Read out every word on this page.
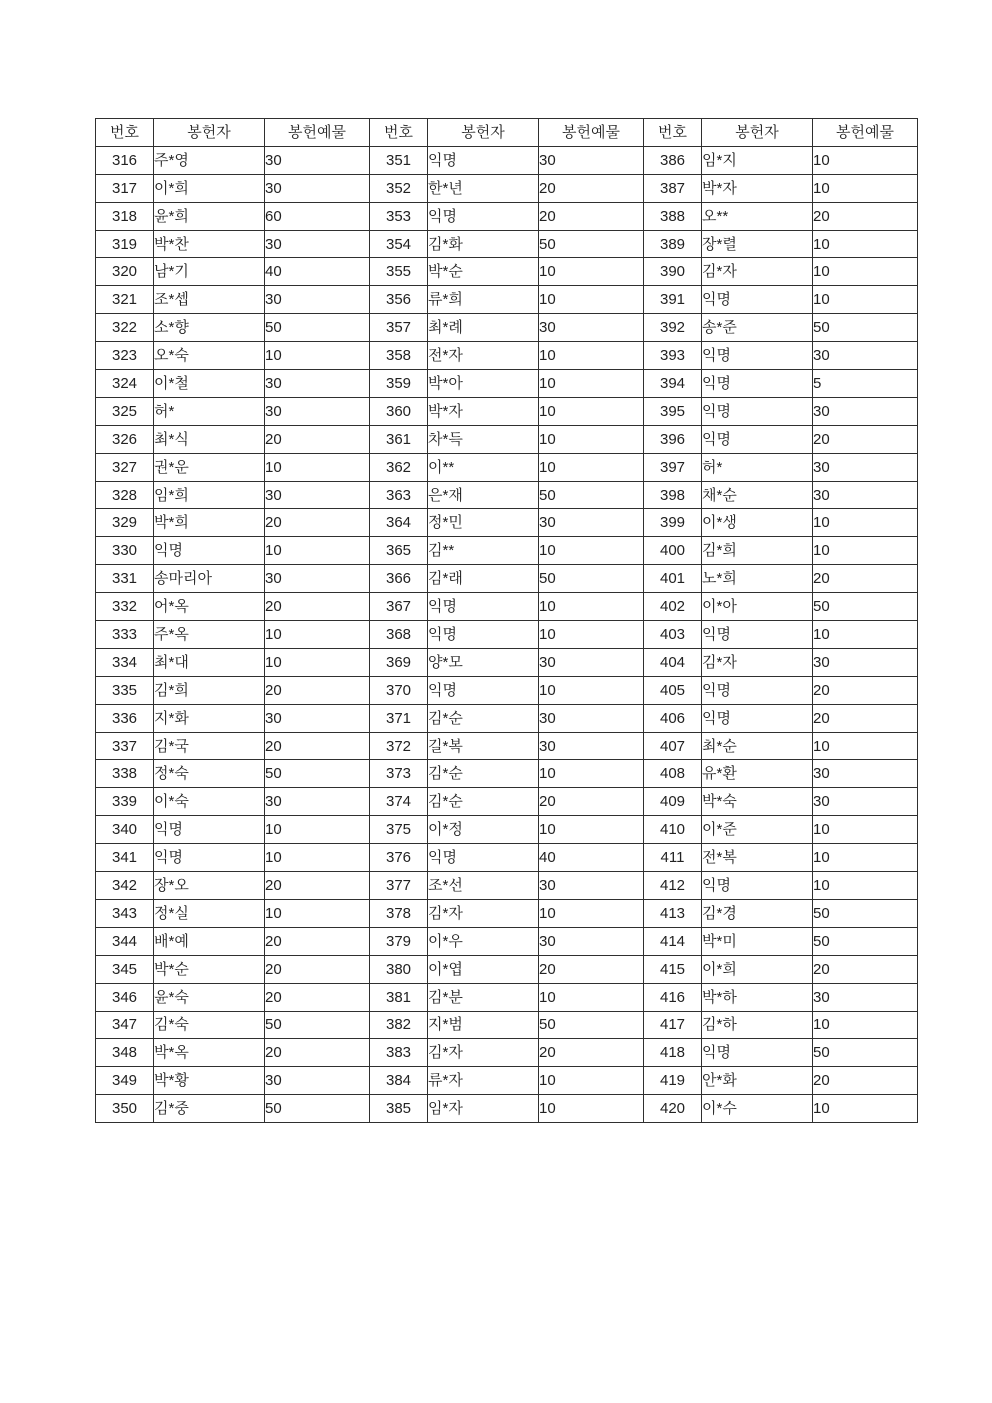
번호	봉헌자	봉헌예물	번호	봉헌자	봉헌예물	번호	봉헌자	봉헌예물
316	주*영	30	351	익명	30	386	임*지	10
317	이*희	30	352	한*년	20	387	박*자	10
318	윤*희	60	353	익명	20	388	오**	20
319	박*찬	30	354	김*화	50	389	장*렬	10
320	남*기	40	355	박*순	10	390	김*자	10
321	조*셉	30	356	류*희	10	391	익명	10
322	소*향	50	357	최*례	30	392	송*준	50
323	오*숙	10	358	전*자	10	393	익명	30
324	이*철	30	359	박*아	10	394	익명	5
325	허*	30	360	박*자	10	395	익명	30
326	최*식	20	361	차*득	10	396	익명	20
327	권*운	10	362	이**	10	397	허*	30
328	임*희	30	363	은*재	50	398	채*순	30
329	박*희	20	364	정*민	30	399	이*생	10
330	익명	10	365	김**	10	400	김*희	10
331	송마리아	30	366	김*래	50	401	노*희	20
332	어*옥	20	367	익명	10	402	이*아	50
333	주*옥	10	368	익명	10	403	익명	10
334	최*대	10	369	양*모	30	404	김*자	30
335	김*희	20	370	익명	10	405	익명	20
336	지*화	30	371	김*순	30	406	익명	20
337	김*국	20	372	길*복	30	407	최*순	10
338	정*숙	50	373	김*순	10	408	유*환	30
339	이*숙	30	374	김*순	20	409	박*숙	30
340	익명	10	375	이*정	10	410	이*준	10
341	익명	10	376	익명	40	411	전*복	10
342	장*오	20	377	조*선	30	412	익명	10
343	정*실	10	378	김*자	10	413	김*경	50
344	배*예	20	379	이*우	30	414	박*미	50
345	박*순	20	380	이*엽	20	415	이*희	20
346	윤*숙	20	381	김*분	10	416	박*하	30
347	김*숙	50	382	지*범	50	417	김*하	10
348	박*옥	20	383	김*자	20	418	익명	50
349	박*황	30	384	류*자	10	419	안*화	20
350	김*중	50	385	임*자	10	420	이*수	10
